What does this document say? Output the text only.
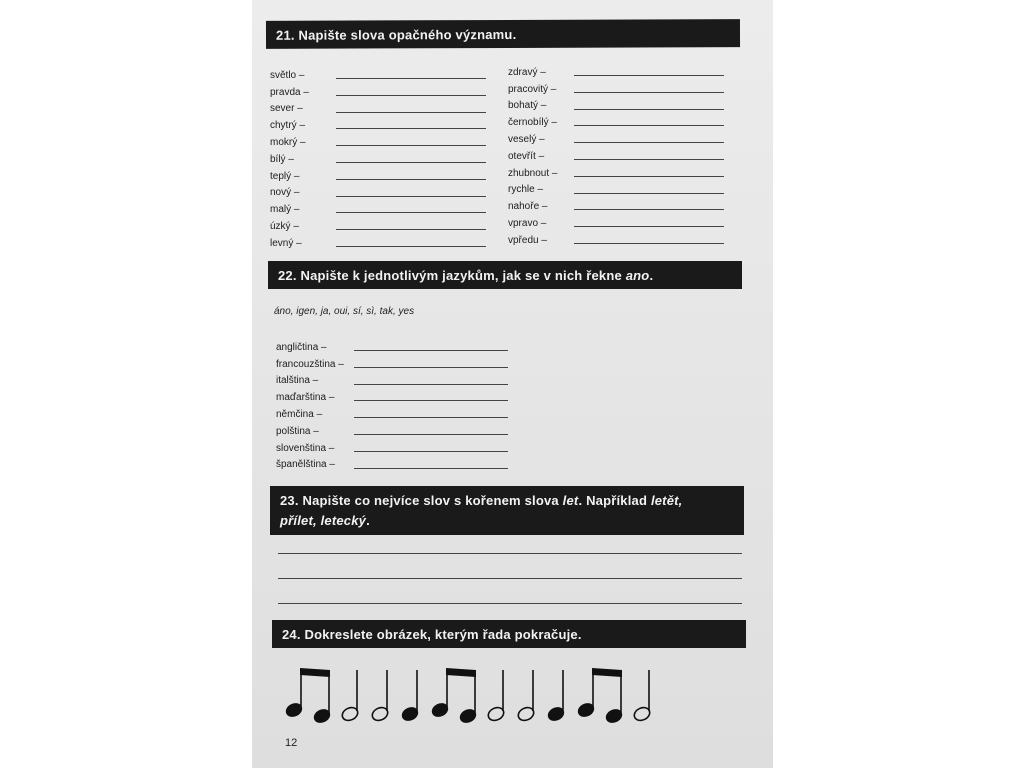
21. Napište slova opačného významu.
světlo –
pravda –
sever –
chytrý –
mokrý –
bílý –
teplý –
nový –
malý –
úzký –
levný –
zdravý –
pracovitý –
bohatý –
černobílý –
veselý –
otevřít –
zhubnout –
rychle –
nahoře –
vpravo –
vpředu –
22. Napište k jednotlivým jazykům, jak se v nich řekne ano.
áno, igen, ja, oui, sí, sì, tak, yes
angličtina –
francouzština –
italština –
maďarština –
němčina –
polština –
slovenština –
španělština –
23. Napište co nejvíce slov s kořenem slova let. Například letět,
přílet, letecký.
24. Dokreslete obrázek, kterým řada pokračuje.
12
